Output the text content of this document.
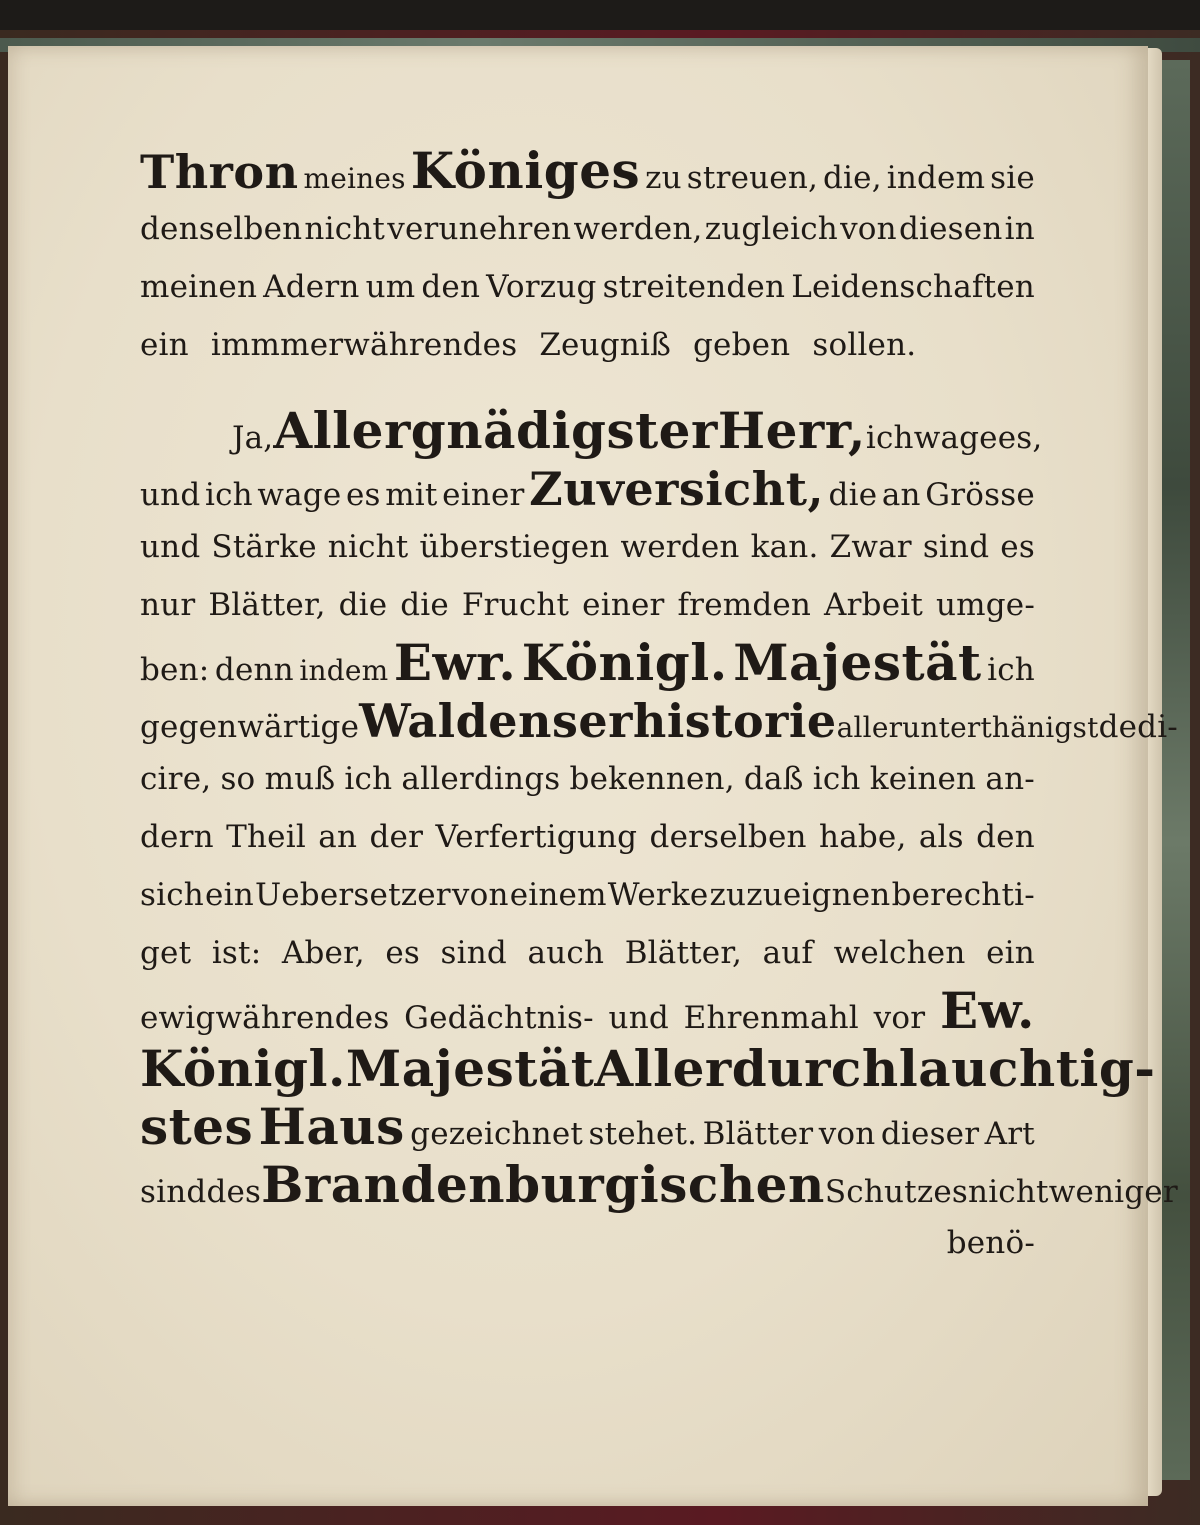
Thron meines Königes zu streuen, die, indem sie
denselben nicht verunehren werden, zugleich von diesen in
meinen Adern um den Vorzug streitenden Leidenschaften
ein immmerwährendes Zeugniß geben sollen.
Ja, Allergnädigster Herr, ich wage es,
und ich wage es mit einer Zuversicht, die an Grösse
und Stärke nicht überstiegen werden kan. Zwar sind es
nur Blätter, die die Frucht einer fremden Arbeit umge-
ben: denn indem Ewr. Königl. Majestät ich
gegenwärtige Waldenserhistorie allerunterthänigst dedi-
cire, so muß ich allerdings bekennen, daß ich keinen an-
dern Theil an der Verfertigung derselben habe, als den
sich ein Uebersetzer von einem Werke zuzueignen berechti-
get ist: Aber, es sind auch Blätter, auf welchen ein
ewigwährendes Gedächtnis- und Ehrenmahl vor Ew.
Königl. Majestät Allerdurchlauchtig-
stes Haus gezeichnet stehet. Blätter von dieser Art
sind des Brandenburgischen Schutzes nicht weniger
benö-
